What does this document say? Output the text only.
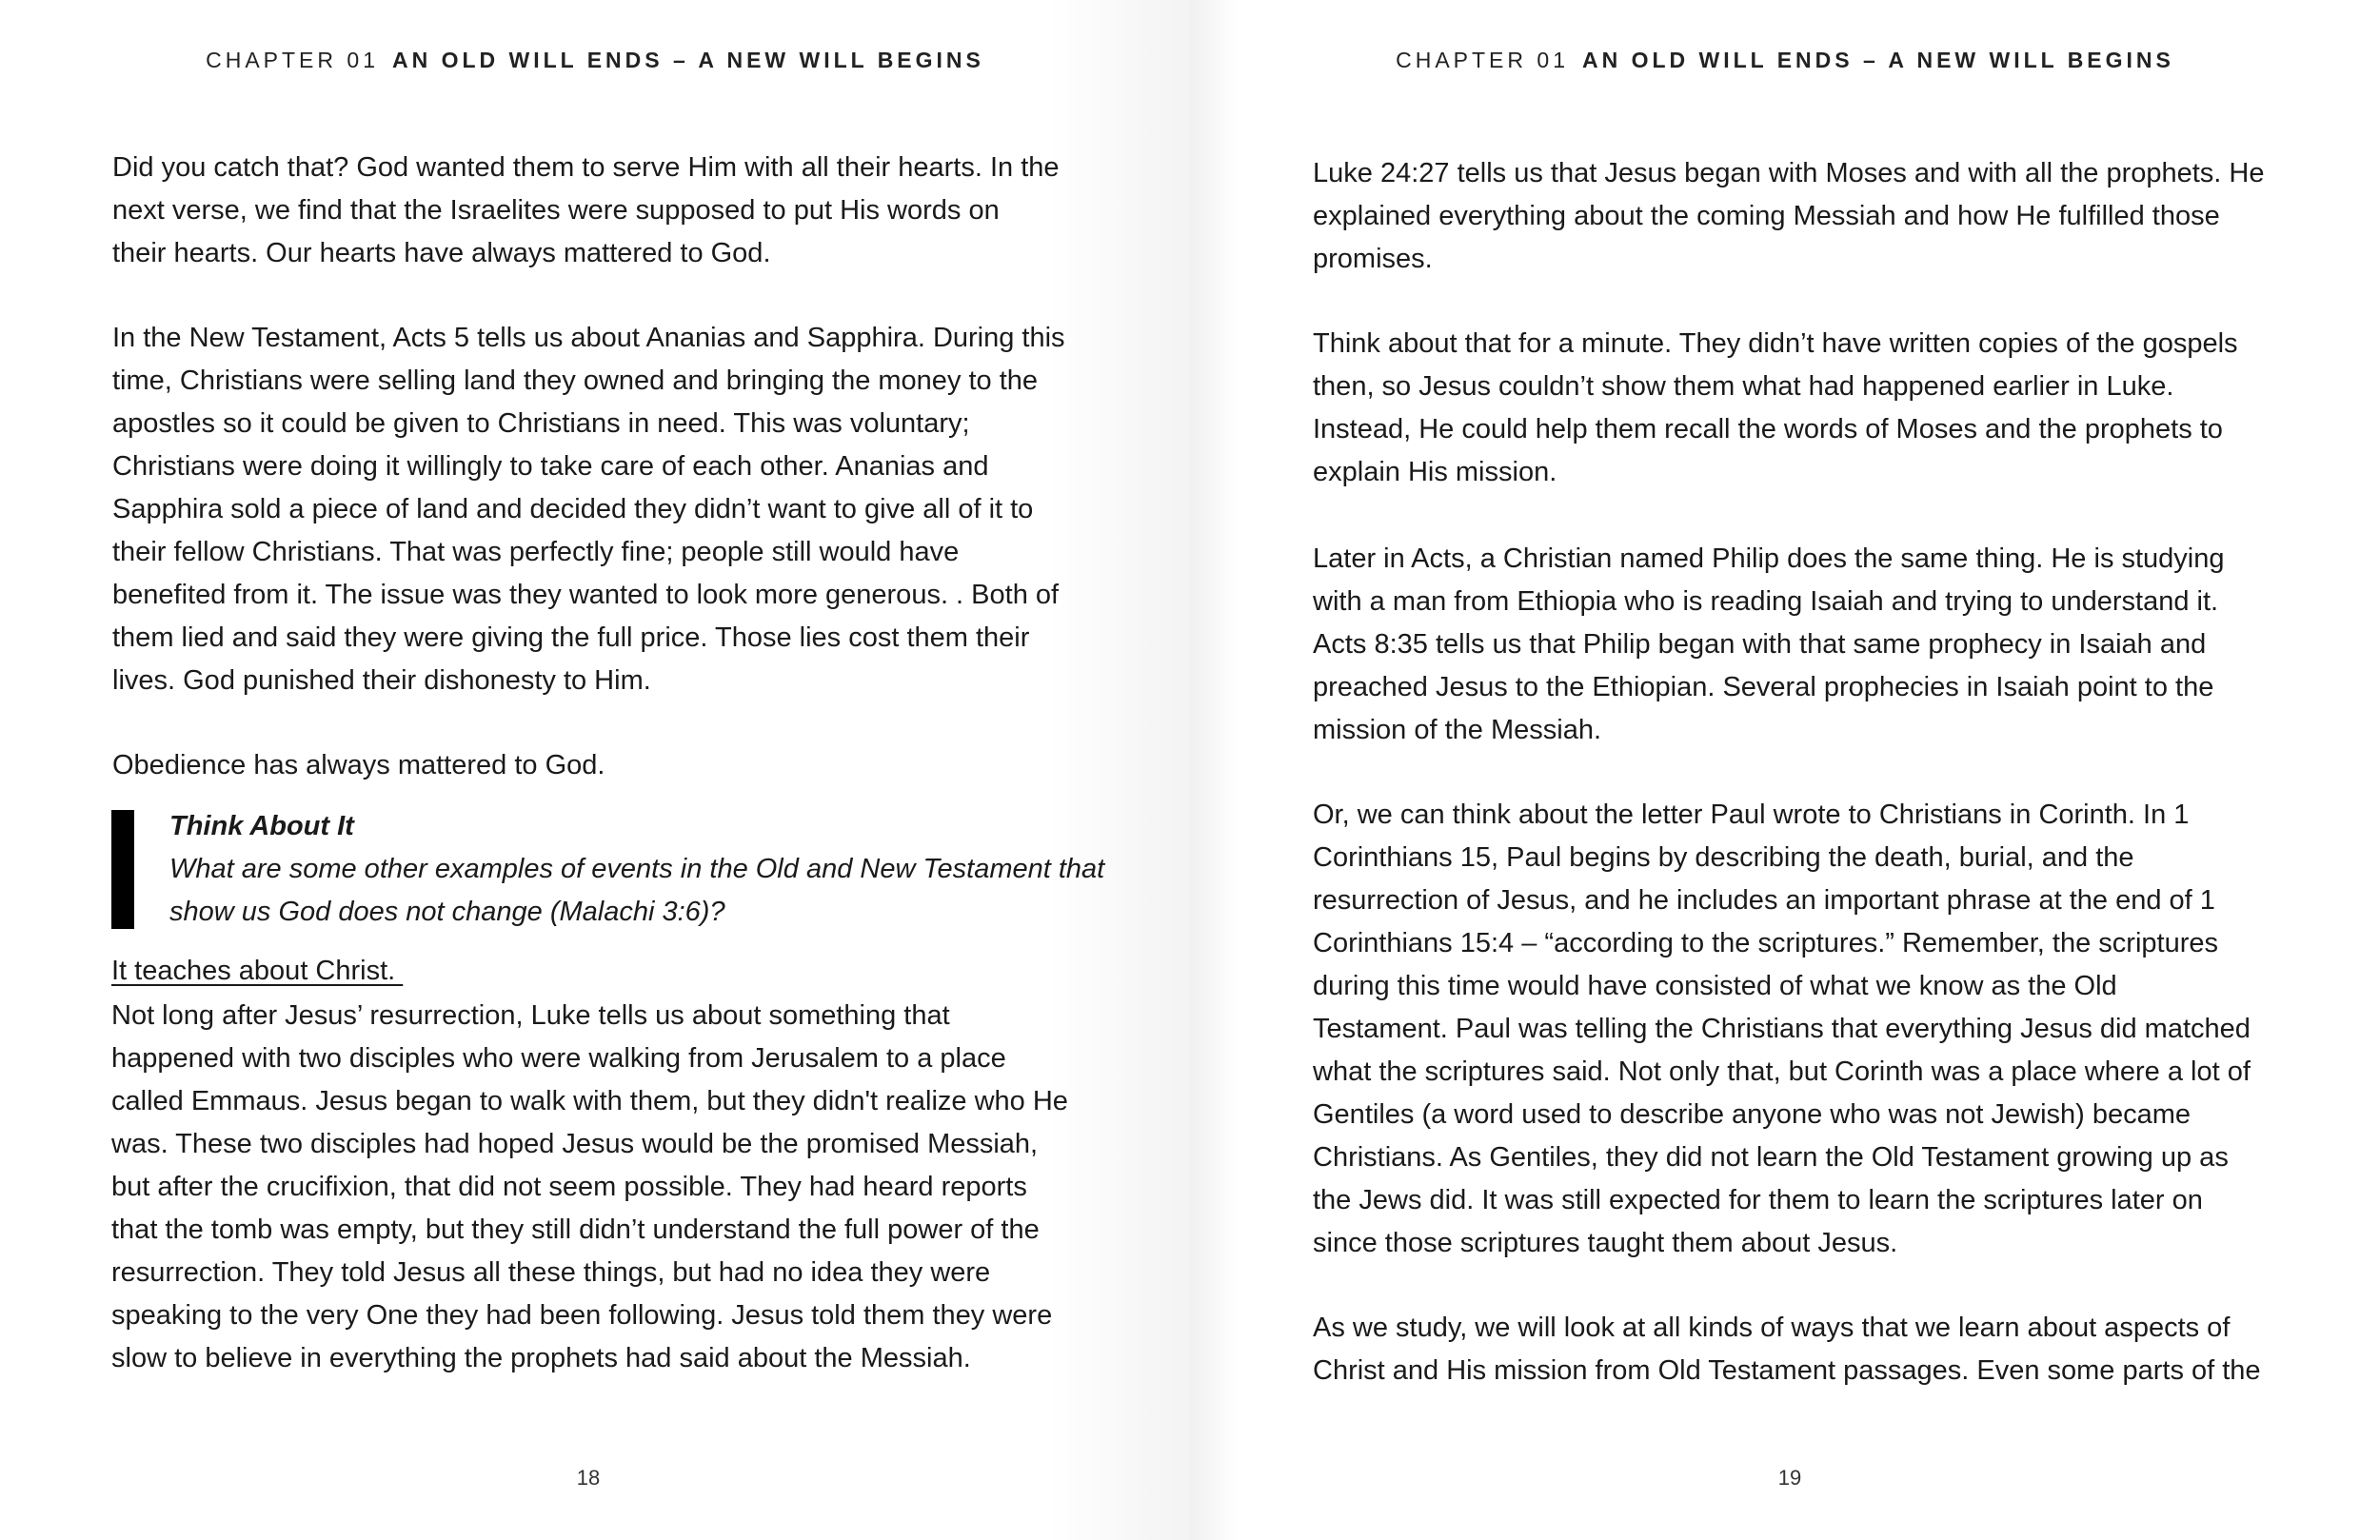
CHAPTER 01 AN OLD WILL ENDS – A NEW WILL BEGINS
Did you catch that? God wanted them to serve Him with all their hearts. In the
next verse, we find that the Israelites were supposed to put His words on
their hearts. Our hearts have always mattered to God.
In the New Testament, Acts 5 tells us about Ananias and Sapphira. During this
time, Christians were selling land they owned and bringing the money to the
apostles so it could be given to Christians in need. This was voluntary;
Christians were doing it willingly to take care of each other. Ananias and
Sapphira sold a piece of land and decided they didn’t want to give all of it to
their fellow Christians. That was perfectly fine; people still would have
benefited from it. The issue was they wanted to look more generous. . Both of
them lied and said they were giving the full price. Those lies cost them their
lives. God punished their dishonesty to Him.
Obedience has always mattered to God.
Think About It
What are some other examples of events in the Old and New Testament that
show us God does not change (Malachi 3:6)?
It teaches about Christ.
Not long after Jesus’ resurrection, Luke tells us about something that
happened with two disciples who were walking from Jerusalem to a place
called Emmaus. Jesus began to walk with them, but they didn't realize who He
was. These two disciples had hoped Jesus would be the promised Messiah,
but after the crucifixion, that did not seem possible. They had heard reports
that the tomb was empty, but they still didn’t understand the full power of the
resurrection. They told Jesus all these things, but had no idea they were
speaking to the very One they had been following. Jesus told them they were
slow to believe in everything the prophets had said about the Messiah.
18
CHAPTER 01 AN OLD WILL ENDS – A NEW WILL BEGINS
Luke 24:27 tells us that Jesus began with Moses and with all the prophets. He
explained everything about the coming Messiah and how He fulfilled those
promises.
Think about that for a minute. They didn’t have written copies of the gospels
then, so Jesus couldn’t show them what had happened earlier in Luke.
Instead, He could help them recall the words of Moses and the prophets to
explain His mission.
Later in Acts, a Christian named Philip does the same thing. He is studying
with a man from Ethiopia who is reading Isaiah and trying to understand it.
Acts 8:35 tells us that Philip began with that same prophecy in Isaiah and
preached Jesus to the Ethiopian. Several prophecies in Isaiah point to the
mission of the Messiah.
Or, we can think about the letter Paul wrote to Christians in Corinth. In 1
Corinthians 15, Paul begins by describing the death, burial, and the
resurrection of Jesus, and he includes an important phrase at the end of 1
Corinthians 15:4 – “according to the scriptures.” Remember, the scriptures
during this time would have consisted of what we know as the Old
Testament. Paul was telling the Christians that everything Jesus did matched
what the scriptures said. Not only that, but Corinth was a place where a lot of
Gentiles (a word used to describe anyone who was not Jewish) became
Christians. As Gentiles, they did not learn the Old Testament growing up as
the Jews did. It was still expected for them to learn the scriptures later on
since those scriptures taught them about Jesus.
As we study, we will look at all kinds of ways that we learn about aspects of
Christ and His mission from Old Testament passages. Even some parts of the
19
